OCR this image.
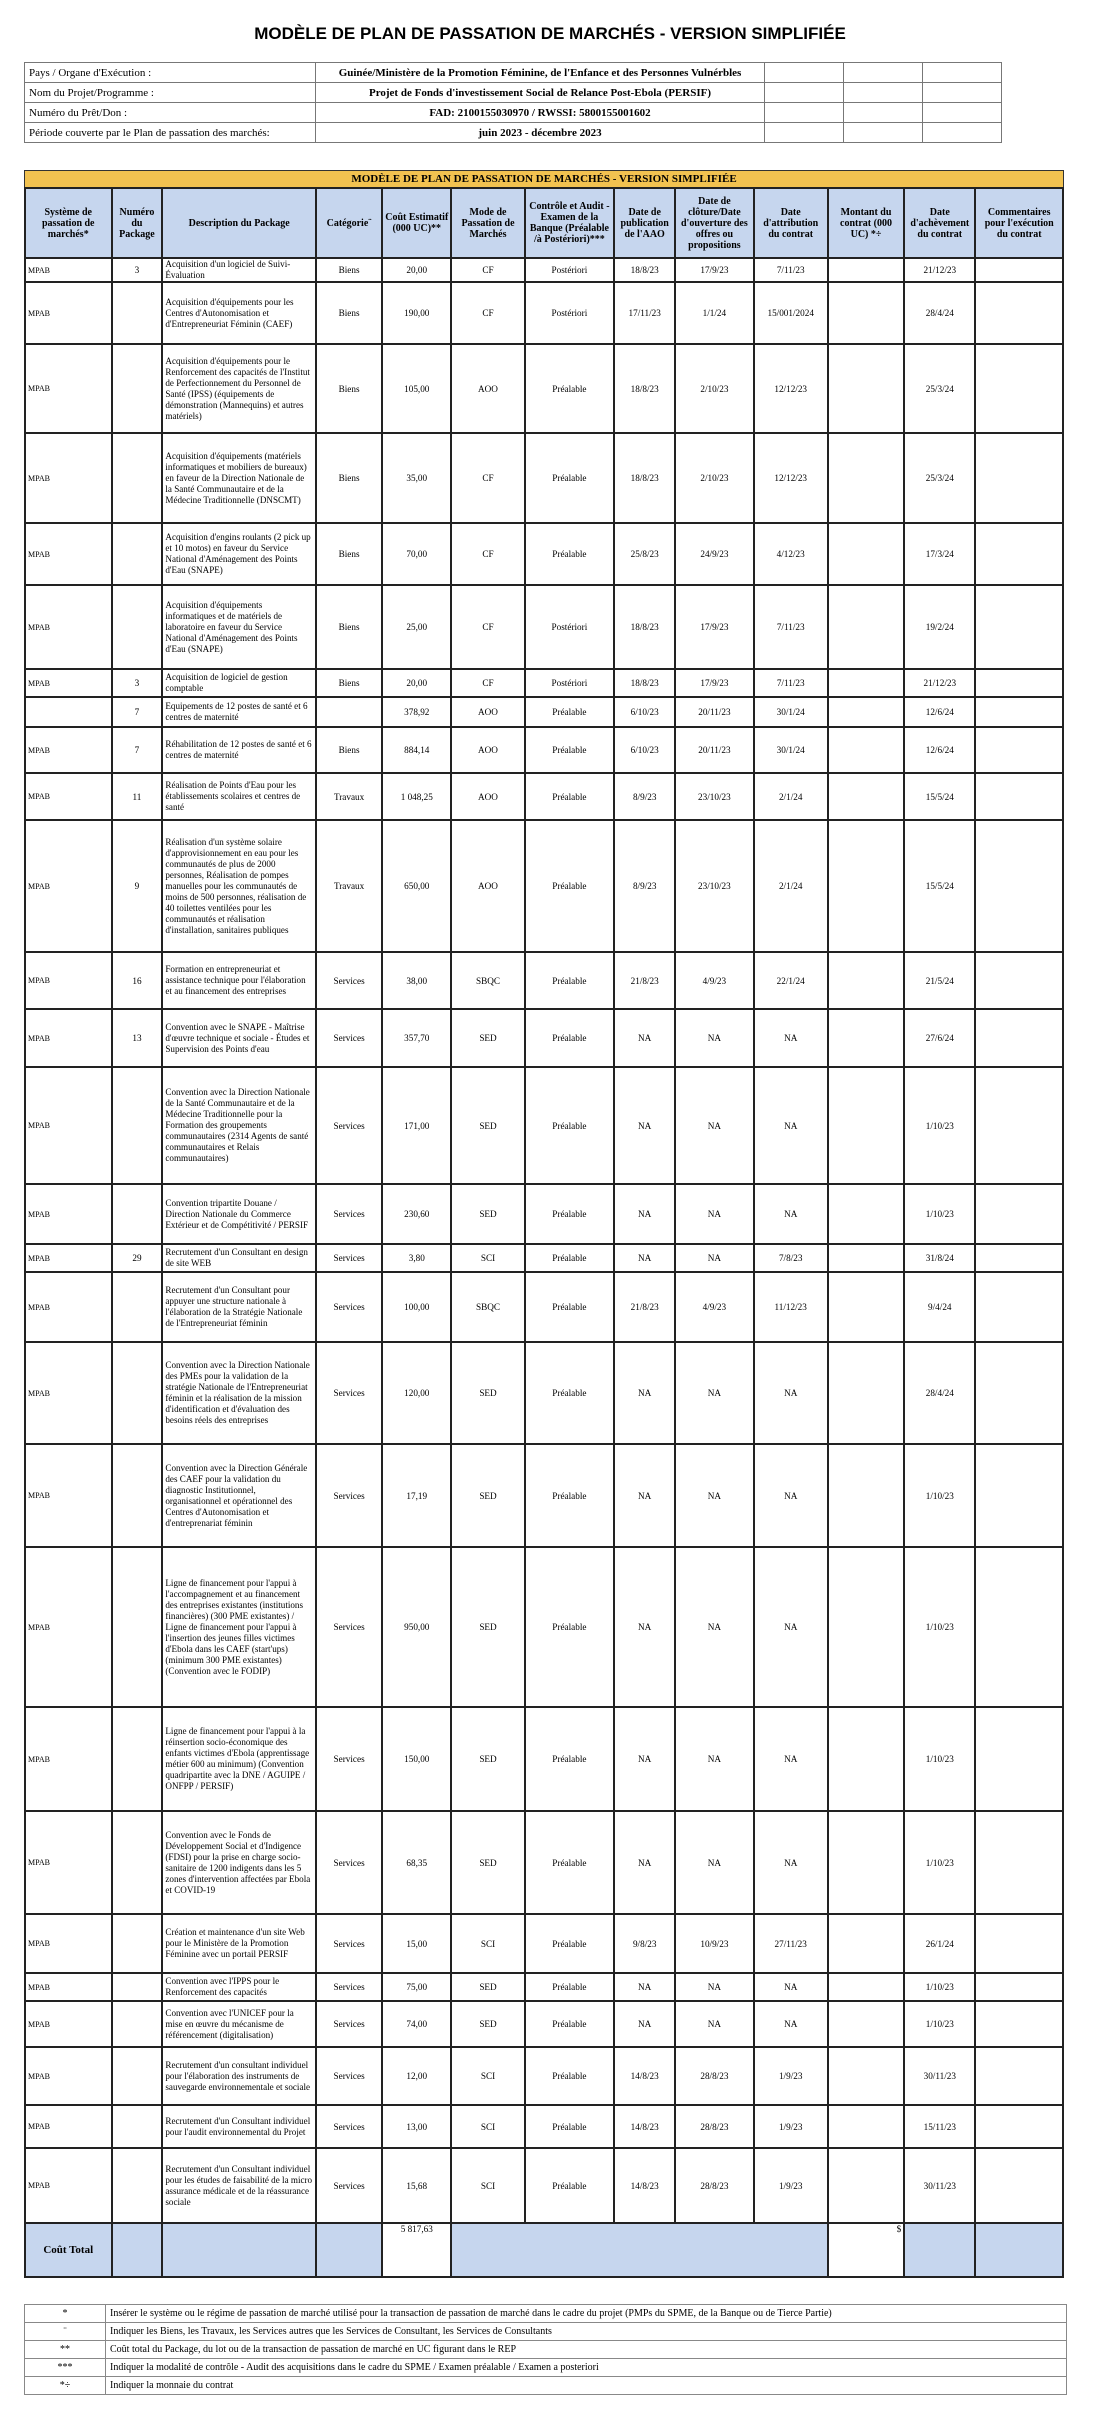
MODÈLE DE PLAN DE PASSATION DE MARCHÉS - VERSION SIMPLIFIÉE
Pays / Organe d'Exécution :	Guinée/Ministère de la Promotion Féminine, de l'Enfance et des Personnes Vulnérbles			
Nom du Projet/Programme :	Projet de Fonds d'investissement Social de Relance Post-Ebola (PERSIF)			
Numéro du Prêt/Don :	FAD: 2100155030970 / RWSSI: 5800155001602			
Période couverte par le Plan de passation des marchés:	juin 2023 - décembre 2023			
MODÈLE DE PLAN DE PASSATION DE MARCHÉS - VERSION SIMPLIFIÉE
Système de passation de marchés*	Numéro du Package	Description du Package	Catégorie¨	Coût Estimatif (000 UC)**	Mode de Passation de Marchés	Contrôle et Audit - Examen de la Banque (Préalable /à Postériori)***	Date de publication de l'AAO	Date de clôture/Date d'ouverture des offres ou propositions	Date d'attribution du contrat	Montant du contrat (000 UC) *÷	Date d'achèvement du contrat	Commentaires pour l'exécution du contrat
MPAB	3	Acquisition d'un logiciel de Suivi-Évaluation	Biens	20,00	CF	Postériori	18/8/23	17/9/23	7/11/23		21/12/23	
MPAB		Acquisition d'équipements pour les Centres d'Autonomisation et d'Entrepreneuriat Féminin (CAEF)	Biens	190,00	CF	Postériori	17/11/23	1/1/24	15/001/2024		28/4/24	
MPAB		Acquisition d'équipements pour le Renforcement des capacités de l'Institut de Perfectionnement du Personnel de Santé (IPSS) (équipements de démonstration (Mannequins) et autres matériels)	Biens	105,00	AOO	Préalable	18/8/23	2/10/23	12/12/23		25/3/24	
MPAB		Acquisition d'équipements (matériels informatiques et mobiliers de bureaux) en faveur de la Direction Nationale de la Santé Communautaire et de la Médecine Traditionnelle (DNSCMT)	Biens	35,00	CF	Préalable	18/8/23	2/10/23	12/12/23		25/3/24	
MPAB		Acquisition d'engins roulants (2 pick up et 10 motos) en faveur du Service National d'Aménagement des Points d'Eau (SNAPE)	Biens	70,00	CF	Préalable	25/8/23	24/9/23	4/12/23		17/3/24	
MPAB		Acquisition d'équipements informatiques et de matériels de laboratoire en faveur du Service National d'Aménagement des Points d'Eau (SNAPE)	Biens	25,00	CF	Postériori	18/8/23	17/9/23	7/11/23		19/2/24	
MPAB	3	Acquisition de logiciel de gestion comptable	Biens	20,00	CF	Postériori	18/8/23	17/9/23	7/11/23		21/12/23	
	7	Equipements de 12 postes de santé et 6 centres de maternité		378,92	AOO	Préalable	6/10/23	20/11/23	30/1/24		12/6/24	
MPAB	7	Réhabilitation de 12 postes de santé et 6 centres de maternité	Biens	884,14	AOO	Préalable	6/10/23	20/11/23	30/1/24		12/6/24	
MPAB	11	Réalisation de Points d'Eau pour les établissements scolaires et centres de santé	Travaux	1 048,25	AOO	Préalable	8/9/23	23/10/23	2/1/24		15/5/24	
MPAB	9	Réalisation d'un système solaire d'approvisionnement en eau pour les communautés de plus de 2000 personnes, Réalisation de pompes manuelles pour les communautés de moins de 500 personnes, réalisation de 40 toilettes ventilées pour les communautés et réalisation d'installation, sanitaires publiques	Travaux	650,00	AOO	Préalable	8/9/23	23/10/23	2/1/24		15/5/24	
MPAB	16	Formation en entrepreneuriat et assistance technique pour l'élaboration et au financement des entreprises	Services	38,00	SBQC	Préalable	21/8/23	4/9/23	22/1/24		21/5/24	
MPAB	13	Convention avec le SNAPE - Maîtrise d'œuvre technique et sociale - Études et Supervision des Points d'eau	Services	357,70	SED	Préalable	NA	NA	NA		27/6/24	
MPAB		Convention avec la Direction Nationale de la Santé Communautaire et de la Médecine Traditionnelle pour la Formation des groupements communautaires (2314 Agents de santé communautaires et Relais communautaires)	Services	171,00	SED	Préalable	NA	NA	NA		1/10/23	
MPAB		Convention tripartite Douane / Direction Nationale du Commerce Extérieur et de Compétitivité / PERSIF	Services	230,60	SED	Préalable	NA	NA	NA		1/10/23	
MPAB	29	Recrutement d'un Consultant en design de site WEB	Services	3,80	SCI	Préalable	NA	NA	7/8/23		31/8/24	
MPAB		Recrutement d'un Consultant pour appuyer une structure nationale à l'élaboration de la Stratégie Nationale de l'Entrepreneuriat féminin	Services	100,00	SBQC	Préalable	21/8/23	4/9/23	11/12/23		9/4/24	
MPAB		Convention avec la Direction Nationale des PMEs pour la validation de la stratégie Nationale de l'Entrepreneuriat féminin et la réalisation de la mission d'identification et d'évaluation des besoins réels des entreprises	Services	120,00	SED	Préalable	NA	NA	NA		28/4/24	
MPAB		Convention avec la Direction Générale des CAEF pour la validation du diagnostic Institutionnel, organisationnel et opérationnel des Centres d'Autonomisation et d'entreprenariat féminin	Services	17,19	SED	Préalable	NA	NA	NA		1/10/23	
MPAB		Ligne de financement pour l'appui à l'accompagnement et au financement des entreprises existantes (institutions financières) (300 PME existantes) / Ligne de financement pour l'appui à l'insertion des jeunes filles victimes d'Ebola dans les CAEF (start'ups) (minimum 300 PME existantes) (Convention avec le FODIP)	Services	950,00	SED	Préalable	NA	NA	NA		1/10/23	
MPAB		Ligne de financement pour l'appui à la réinsertion socio-économique des enfants victimes d'Ebola (apprentissage métier 600 au minimum) (Convention quadripartite avec la DNE / AGUIPE / ONFPP / PERSIF)	Services	150,00	SED	Préalable	NA	NA	NA		1/10/23	
MPAB		Convention avec le Fonds de Développement Social et d'Indigence (FDSI) pour la prise en charge socio-sanitaire de 1200 indigents dans les 5 zones d'intervention affectées par Ebola et COVID-19	Services	68,35	SED	Préalable	NA	NA	NA		1/10/23	
MPAB		Création et maintenance d'un site Web pour le Ministère de la Promotion Féminine avec un portail PERSIF	Services	15,00	SCI	Préalable	9/8/23	10/9/23	27/11/23		26/1/24	
MPAB		Convention avec l'IPPS pour le Renforcement des capacités	Services	75,00	SED	Préalable	NA	NA	NA		1/10/23	
MPAB		Convention avec l'UNICEF pour la mise en œuvre du mécanisme de référencement (digitalisation)	Services	74,00	SED	Préalable	NA	NA	NA		1/10/23	
MPAB		Recrutement d'un consultant individuel pour l'élaboration des instruments de sauvegarde environnementale et sociale	Services	12,00	SCI	Préalable	14/8/23	28/8/23	1/9/23		30/11/23	
MPAB		Recrutement d'un Consultant individuel pour l'audit environnemental du Projet	Services	13,00	SCI	Préalable	14/8/23	28/8/23	1/9/23		15/11/23	
MPAB		Recrutement d'un Consultant individuel pour les études de faisabilité de la micro assurance médicale et de la réassurance sociale	Services	15,68	SCI	Préalable	14/8/23	28/8/23	1/9/23		30/11/23	
Coût Total				5 817,63						$		
*	Insérer le système ou le régime de passation de marché utilisé pour la transaction de passation de marché dans le cadre du projet (PMPs du SPME, de la Banque ou de Tierce Partie)
¨	Indiquer les Biens, les Travaux, les Services autres que les Services de Consultant, les Services de Consultants
**	Coût total du Package, du lot ou de la transaction de passation de marché en UC figurant dans le REP
***	Indiquer la modalité de contrôle - Audit des acquisitions dans le cadre du SPME / Examen préalable / Examen a posteriori
*÷	Indiquer la monnaie du contrat
